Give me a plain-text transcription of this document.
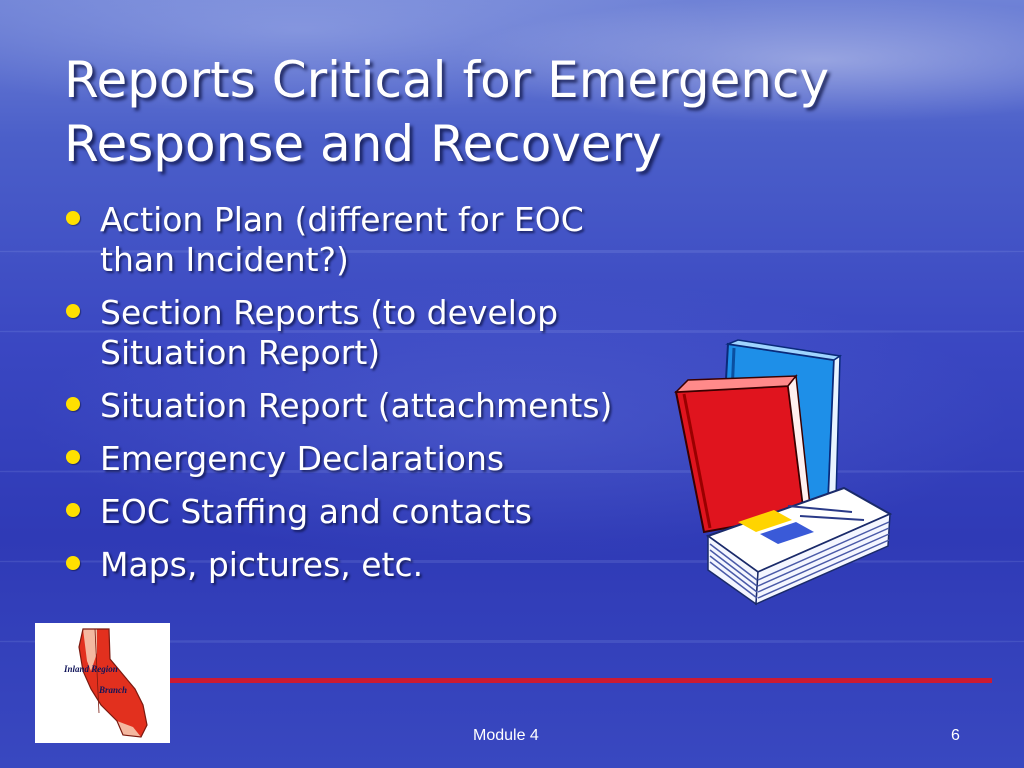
Reports Critical for Emergency Response and Recovery
Action Plan (different for EOC than Incident?)
Section Reports (to develop Situation Report)
Situation Report (attachments)
Emergency Declarations
EOC Staffing and contacts
Maps, pictures, etc.
Inland Region
Branch
Module 4	6
